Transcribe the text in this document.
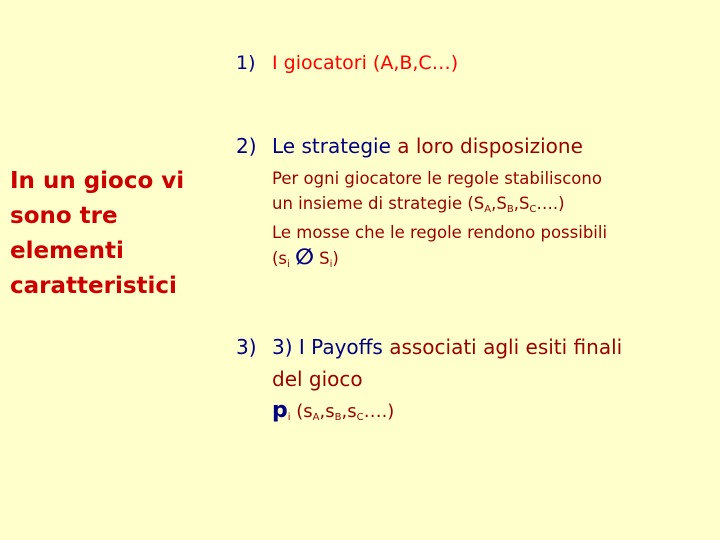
In un gioco vi
sono tre
elementi
caratteristici
1) I giocatori (A,B,C…)
2) Le strategie a loro disposizione
Per ogni giocatore le regole stabiliscono
un insieme di strategie $(S_A,S_B,S_C\dots.)$
Le mosse che le regole rendono possibili
($s_i$ ∅ $S_i$)
3) 3) I Payoffs associati agli esiti finali
del gioco
$p_i$ $(s_A,s_B,s_C\dots.)$
